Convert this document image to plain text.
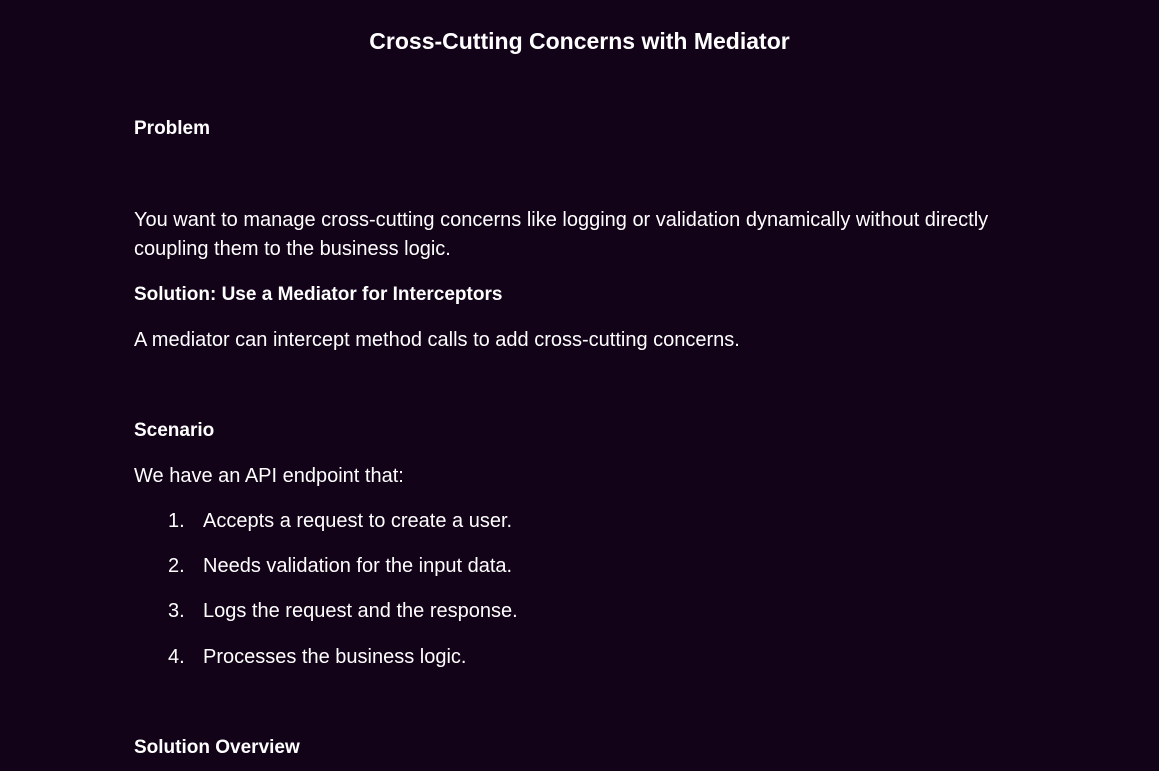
Cross-Cutting Concerns with Mediator
Problem

You want to manage cross-cutting concerns like logging or validation dynamically without directly coupling them to the business logic.

Solution: Use a Mediator for Interceptors

A mediator can intercept method calls to add cross-cutting concerns.

Scenario

We have an API endpoint that:

1. Accepts a request to create a user.
2. Needs validation for the input data.
3. Logs the request and the response.
4. Processes the business logic.
Solution Overview
